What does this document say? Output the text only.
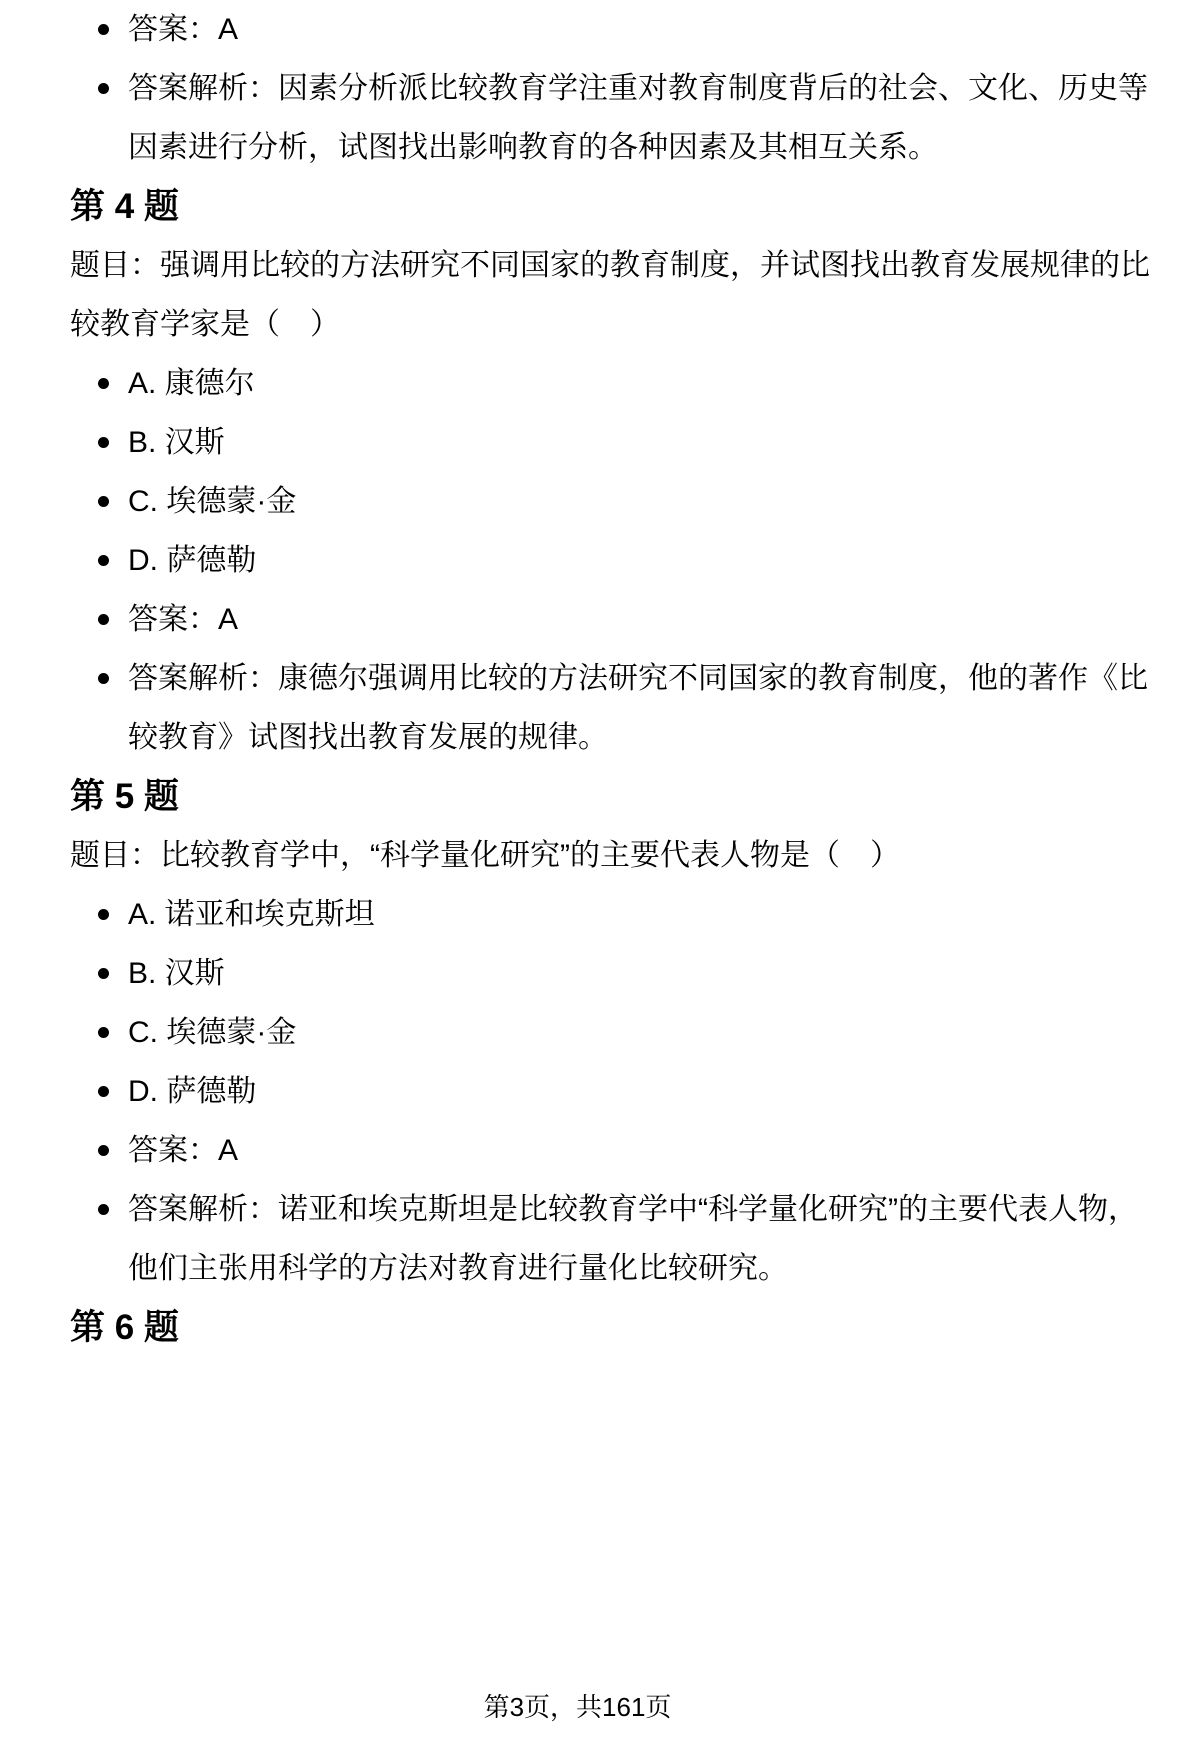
答案：A
答案解析：因素分析派比较教育学注重对教育制度背后的社会、文化、历史等因素进行分析，试图找出影响教育的各种因素及其相互关系。
第 4 题

题目：强调用比较的方法研究不同国家的教育制度，并试图找出教育发展规律的比较教育学家是（　）

A. 康德尔
B. 汉斯
C. 埃德蒙·金
D. 萨德勒
答案：A
答案解析：康德尔强调用比较的方法研究不同国家的教育制度，他的著作《比较教育》试图找出教育发展的规律。
第 5 题

题目：比较教育学中，“科学量化研究”的主要代表人物是（　）

A. 诺亚和埃克斯坦
B. 汉斯
C. 埃德蒙·金
D. 萨德勒
答案：A
答案解析：诺亚和埃克斯坦是比较教育学中“科学量化研究”的主要代表人物，他们主张用科学的方法对教育进行量化比较研究。
第 6 题
第3页，共161页
